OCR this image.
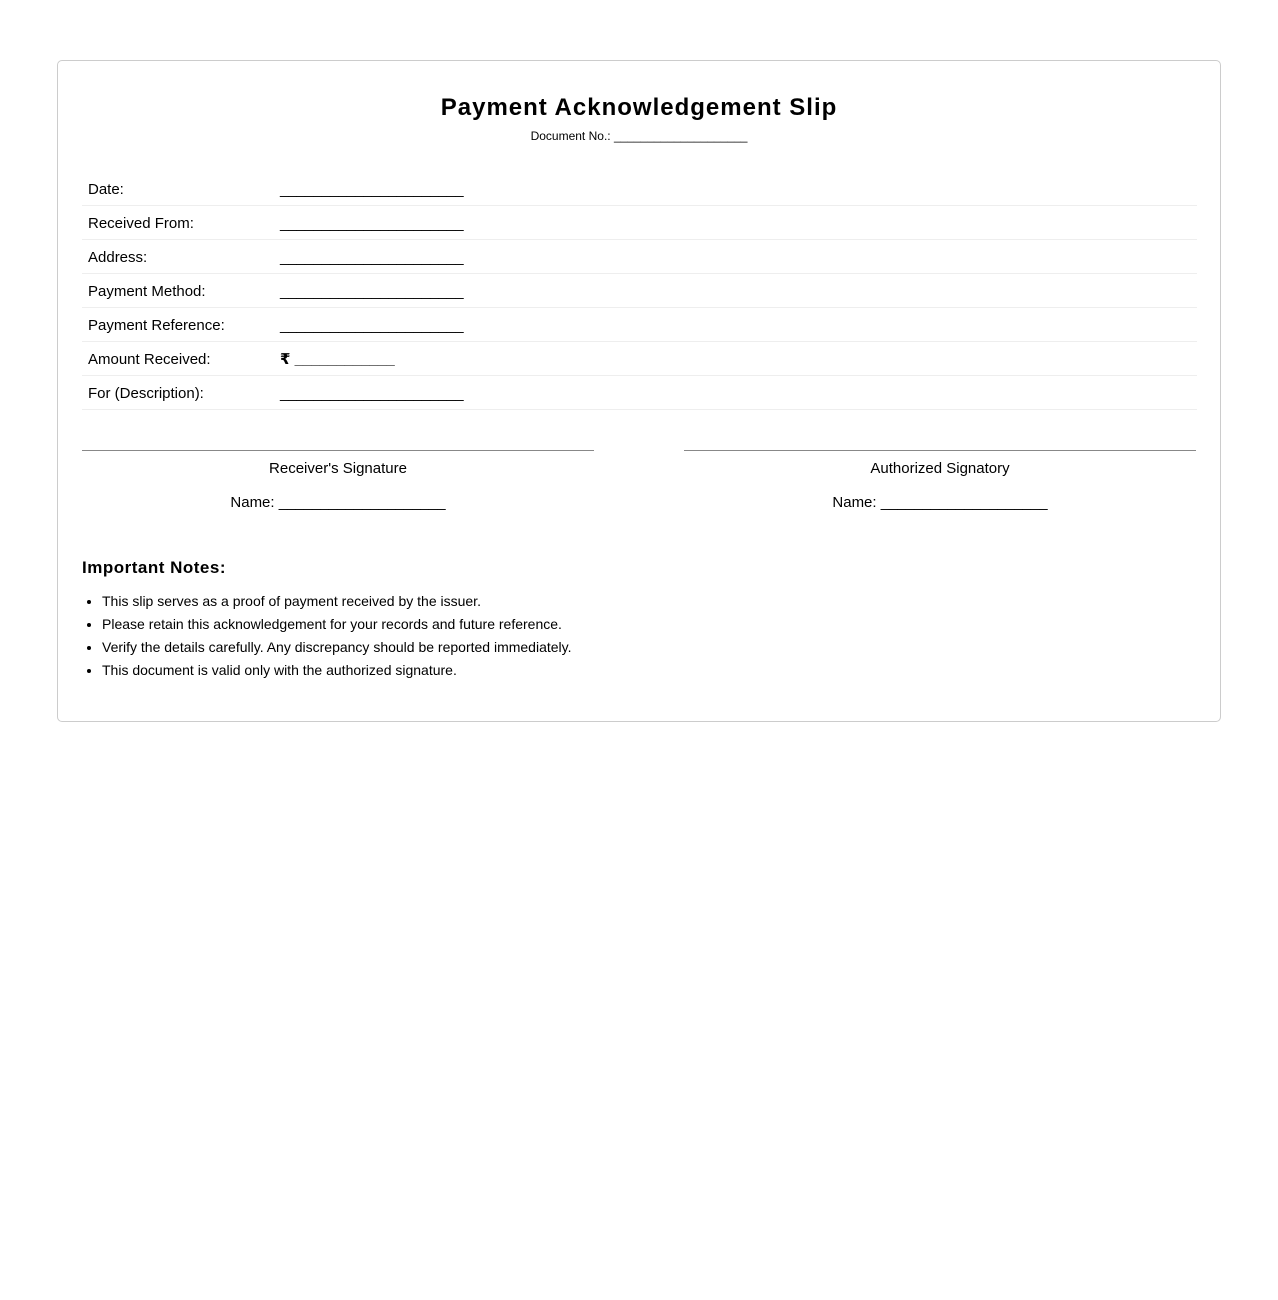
Payment Acknowledgement Slip
Document No.: ____________________
Date:	______________________
Received From:	______________________
Address:	______________________
Payment Method:	______________________
Payment Reference:	______________________
Amount Received:	₹ ____________
For (Description):	______________________
Receiver's Signature
Name: ____________________
Authorized Signatory
Name: ____________________
Important Notes:
• This slip serves as a proof of payment received by the issuer.
• Please retain this acknowledgement for your records and future reference.
• Verify the details carefully. Any discrepancy should be reported immediately.
• This document is valid only with the authorized signature.
